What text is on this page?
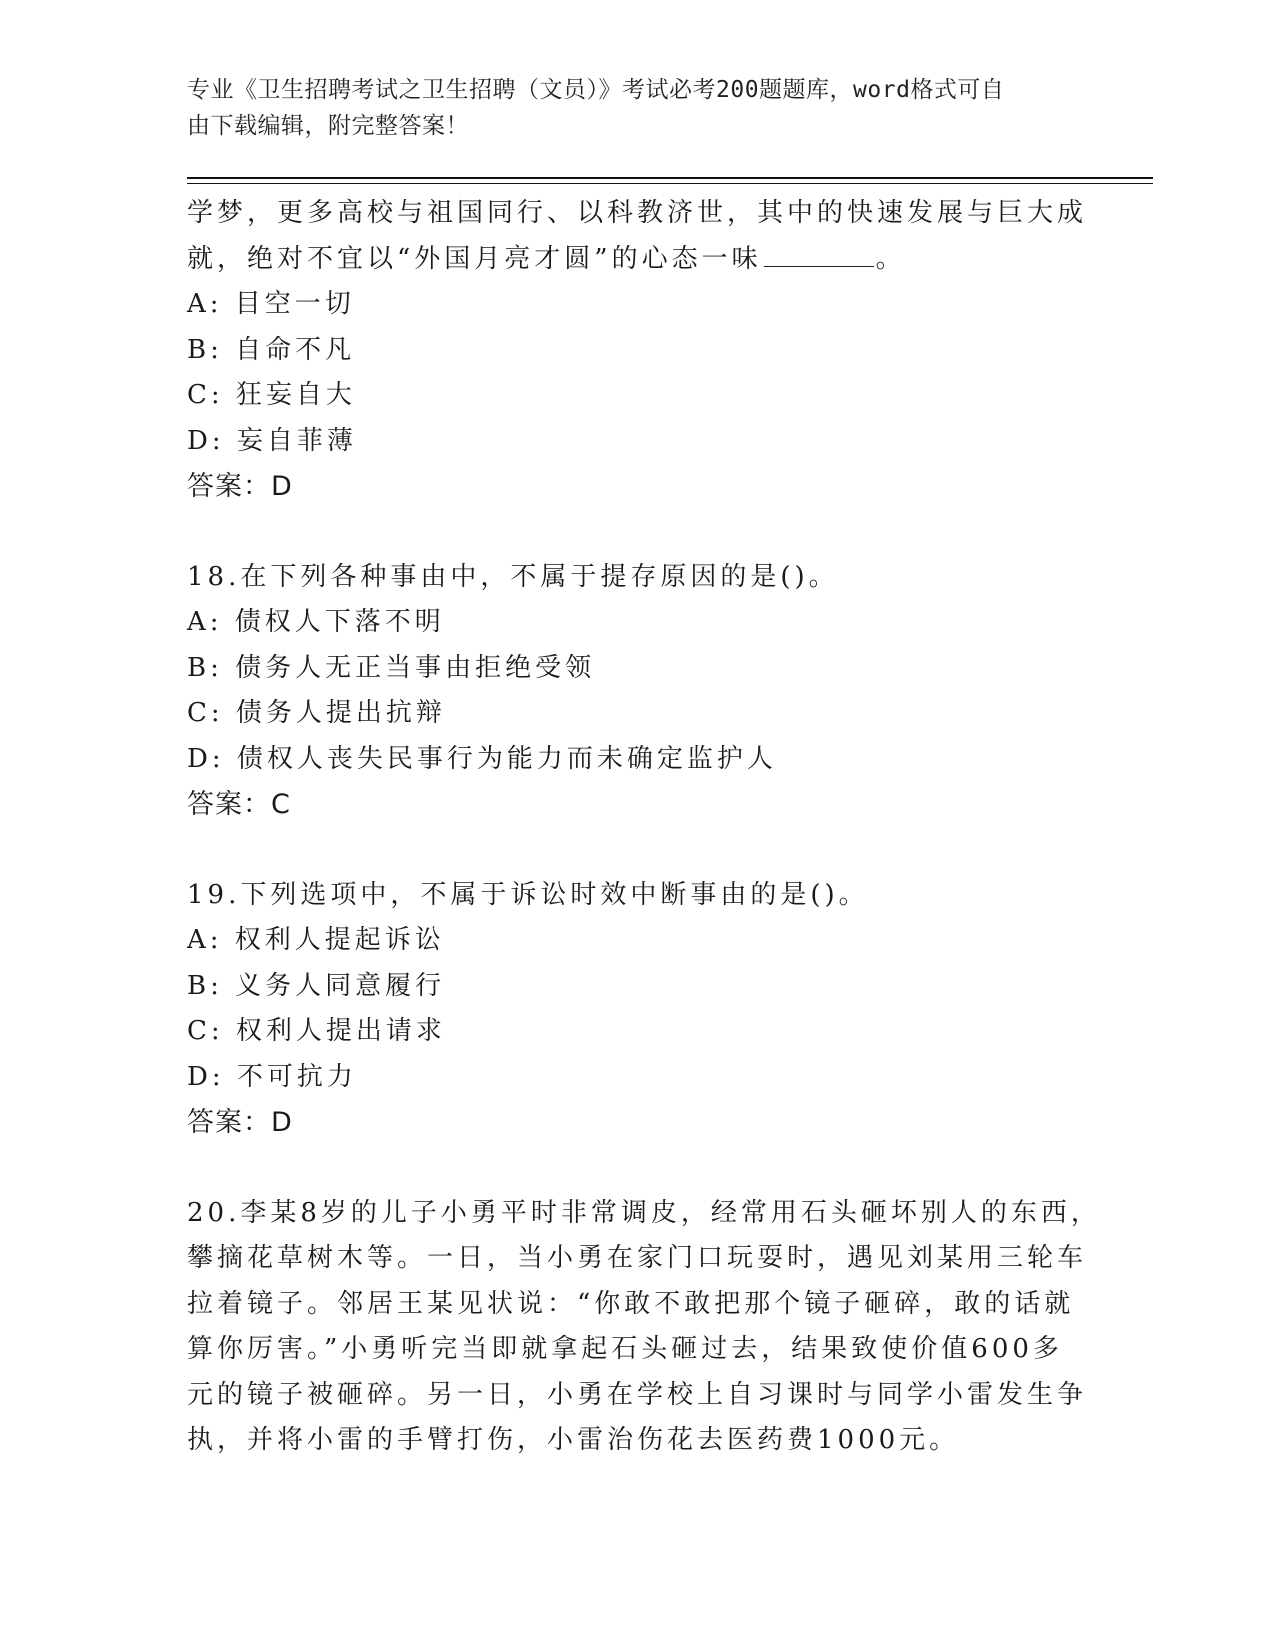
专业《卫生招聘考试之卫生招聘（文员）》考试必考200题题库，word格式可自
由下载编辑，附完整答案！
学梦，更多高校与祖国同行、以科教济世，其中的快速发展与巨大成
就，绝对不宜以“外国月亮才圆”的心态一味	。
A: 目空一切
B: 自命不凡
C: 狂妄自大
D: 妄自菲薄
答案：D
18.在下列各种事由中，不属于提存原因的是()。
A: 债权人下落不明
B: 债务人无正当事由拒绝受领
C: 债务人提出抗辩
D: 债权人丧失民事行为能力而未确定监护人
答案：C
19.下列选项中，不属于诉讼时效中断事由的是()。
A: 权利人提起诉讼
B: 义务人同意履行
C: 权利人提出请求
D: 不可抗力
答案：D
20.李某8岁的儿子小勇平时非常调皮，经常用石头砸坏别人的东西，
攀摘花草树木等。一日，当小勇在家门口玩耍时，遇见刘某用三轮车
拉着镜子。邻居王某见状说：“你敢不敢把那个镜子砸碎，敢的话就
算你厉害。”小勇听完当即就拿起石头砸过去，结果致使价值600多
元的镜子被砸碎。另一日，小勇在学校上自习课时与同学小雷发生争
执，并将小雷的手臂打伤，小雷治伤花去医药费1000元。
